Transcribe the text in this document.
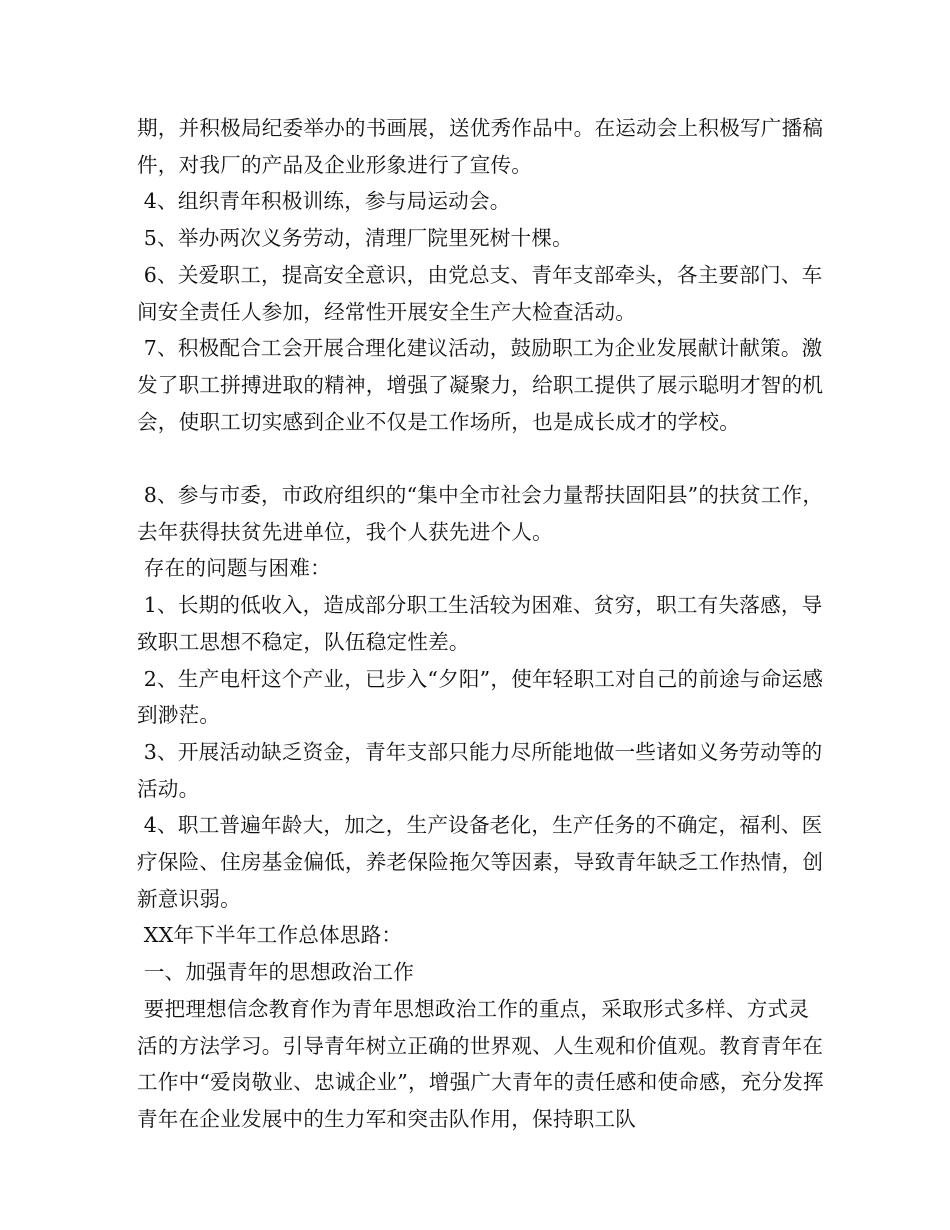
期，并积极局纪委举办的书画展，送优秀作品中。在运动会上积极写广播稿件，对我厂的产品及企业形象进行了宣传。

4、组织青年积极训练，参与局运动会。

5、举办两次义务劳动，清理厂院里死树十棵。

6、关爱职工，提高安全意识，由党总支、青年支部牵头，各主要部门、车间安全责任人参加，经常性开展安全生产大检查活动。

7、积极配合工会开展合理化建议活动，鼓励职工为企业发展献计献策。激发了职工拼搏进取的精神，增强了凝聚力，给职工提供了展示聪明才智的机会，使职工切实感到企业不仅是工作场所，也是成长成才的学校。

8、参与市委，市政府组织的“集中全市社会力量帮扶固阳县”的扶贫工作，去年获得扶贫先进单位，我个人获先进个人。

存在的问题与困难：

1、长期的低收入，造成部分职工生活较为困难、贫穷，职工有失落感，导致职工思想不稳定，队伍稳定性差。

2、生产电杆这个产业，已步入“夕阳”，使年轻职工对自己的前途与命运感到渺茫。

3、开展活动缺乏资金，青年支部只能力尽所能地做一些诸如义务劳动等的活动。

4、职工普遍年龄大，加之，生产设备老化，生产任务的不确定，福利、医疗保险、住房基金偏低，养老保险拖欠等因素，导致青年缺乏工作热情，创新意识弱。

XX年下半年工作总体思路：

一、加强青年的思想政治工作

要把理想信念教育作为青年思想政治工作的重点，采取形式多样、方式灵活的方法学习。引导青年树立正确的世界观、人生观和价值观。教育青年在工作中“爱岗敬业、忠诚企业”，增强广大青年的责任感和使命感，充分发挥青年在企业发展中的生力军和突击队作用，保持职工队
